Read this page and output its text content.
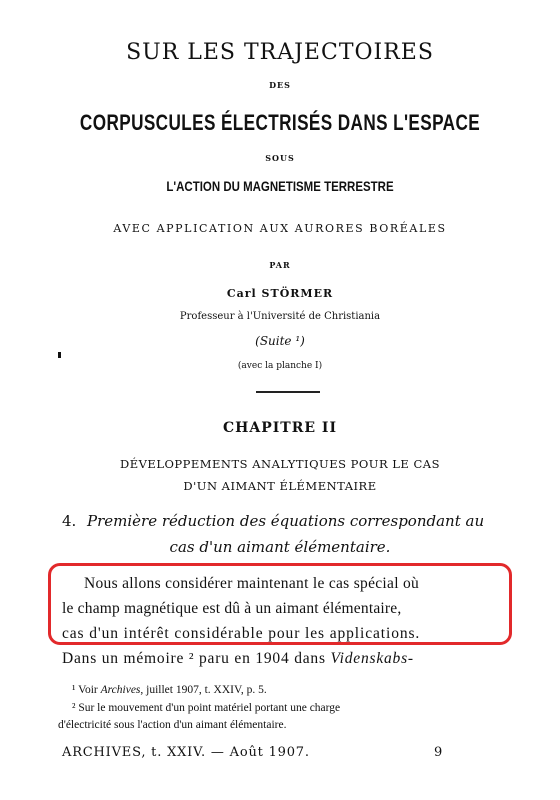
SUR LES TRAJECTOIRES
DES
CORPUSCULES ÉLECTRISÉS DANS L'ESPACE
SOUS
L'ACTION DU MAGNETISME TERRESTRE
AVEC APPLICATION AUX AURORES BORÉALES
PAR
Carl STÖRMER
Professeur à l'Université de Christiania
(Suite ¹)
(avec la planche I)
CHAPITRE II
DÉVELOPPEMENTS ANALYTIQUES POUR LE CAS
D'UN AIMANT ÉLÉMENTAIRE
4. Première réduction des équations correspondant au
cas d'un aimant élémentaire.
Nous allons considérer maintenant le cas spécial où
le champ magnétique est dû à un aimant élémentaire,
cas d'un intérêt considérable pour les applications.
Dans un mémoire ² paru en 1904 dans Videnskabs-
¹ Voir Archives, juillet 1907, t. XXIV, p. 5.
² Sur le mouvement d'un point matériel portant une charge
d'électricité sous l'action d'un aimant élémentaire.
ARCHIVES, t. XXIV. — Août 1907.	9
